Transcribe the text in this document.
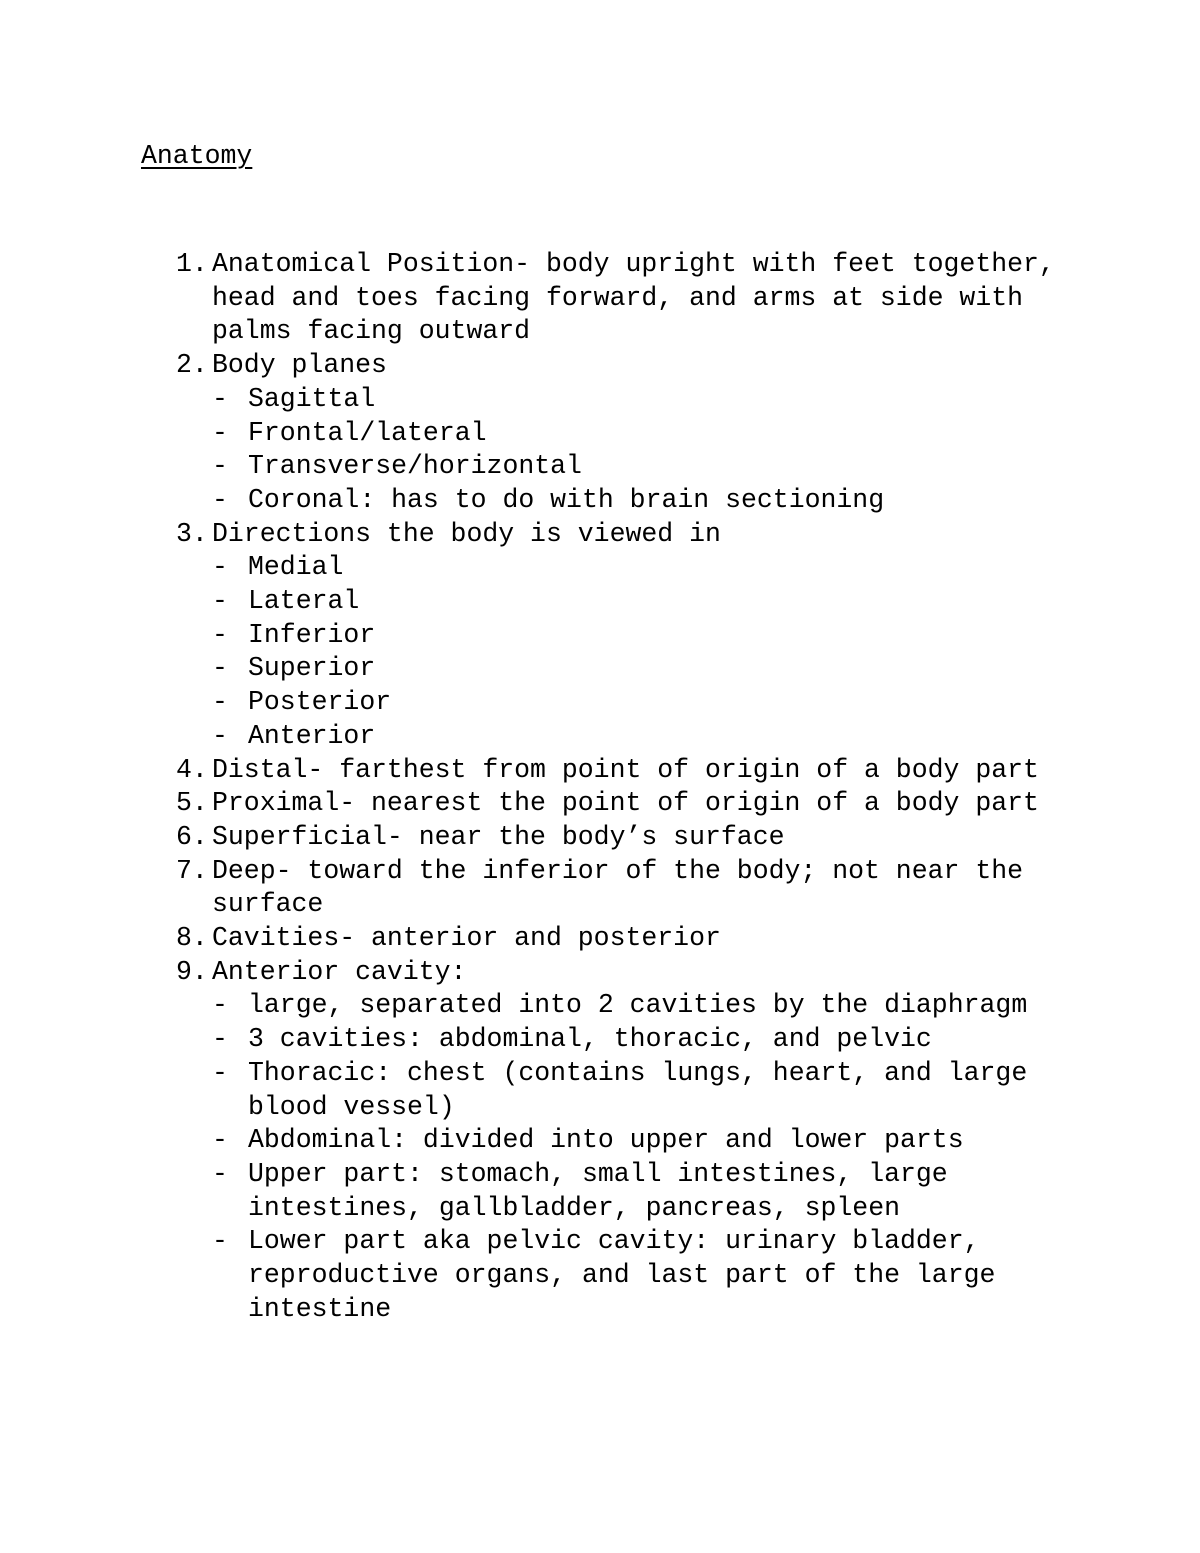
Anatomy
1. Anatomical Position- body upright with feet together, head and toes facing forward, and arms at side with palms facing outward
2. Body planes
- Sagittal
- Frontal/lateral
- Transverse/horizontal
- Coronal: has to do with brain sectioning
3. Directions the body is viewed in
- Medial
- Lateral
- Inferior
- Superior
- Posterior
- Anterior
4. Distal- farthest from point of origin of a body part
5. Proximal- nearest the point of origin of a body part
6. Superficial- near the body’s surface
7. Deep- toward the inferior of the body; not near the surface
8. Cavities- anterior and posterior
9. Anterior cavity:
- large, separated into 2 cavities by the diaphragm
- 3 cavities: abdominal, thoracic, and pelvic
- Thoracic: chest (contains lungs, heart, and large blood vessel)
- Abdominal: divided into upper and lower parts
- Upper part: stomach, small intestines, large intestines, gallbladder, pancreas, spleen
- Lower part aka pelvic cavity: urinary bladder, reproductive organs, and last part of the large intestine
